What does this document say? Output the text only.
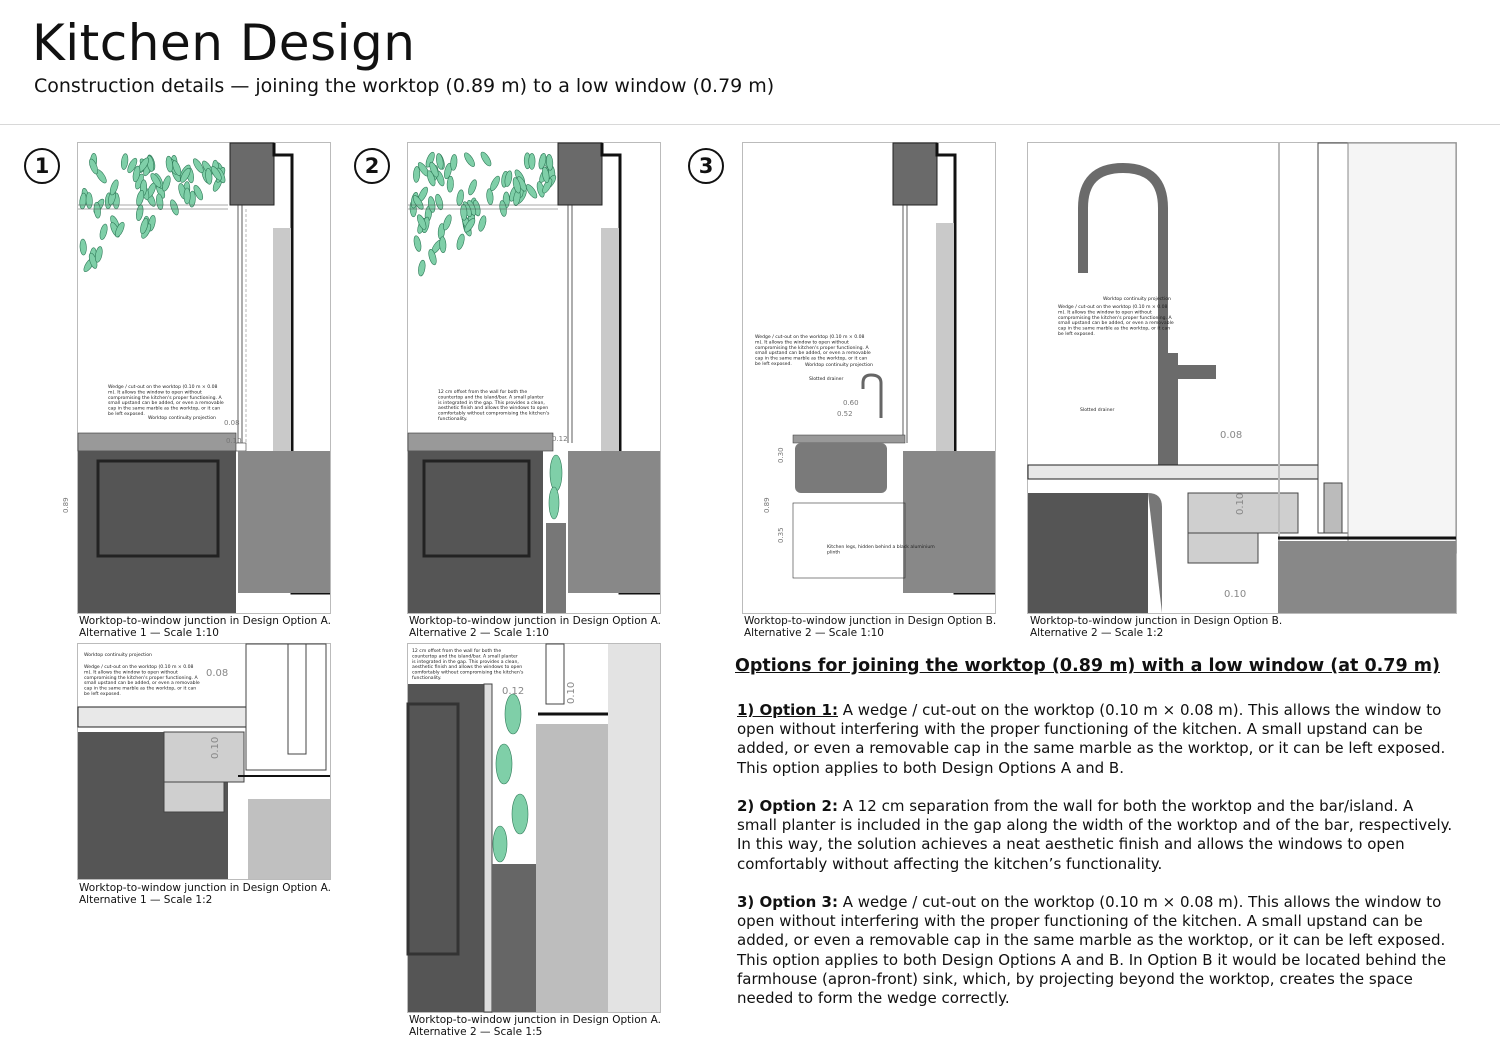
Kitchen Design
Construction details — joining the worktop (0.89 m) to a low window (0.79 m)
1	2	3
Wedge / cut-out on the worktop (0.10 m × 0.08 m). It allows the window to open without compromising the kitchen's proper functioning. A small upstand can be added, or even a removable cap in the same marble as the worktop, or it can be left exposed.
Worktop continuity projection
0.08
0.10
0.89
Worktop-to-window junction in Design Option A.
Alternative 1 — Scale 1:10
12 cm offset from the wall for both the countertop and the island/bar. A small planter is integrated in the gap. This provides a clean, aesthetic finish and allows the windows to open comfortably without compromising the kitchen's functionality.
0.12
Worktop-to-window junction in Design Option A.
Alternative 2 — Scale 1:10
Wedge / cut-out on the worktop (0.10 m × 0.08 m). It allows the window to open without compromising the kitchen's proper functioning. A small upstand can be added, or even a removable cap in the same marble as the worktop, or it can be left exposed.	Worktop continuity projection
Slotted drainer
Kitchen legs, hidden behind a black aluminium plinth
0.60
0.52
0.30
0.89
0.35
Worktop-to-window junction in Design Option B.
Alternative 2 — Scale 1:10
Wedge / cut-out on the worktop (0.10 m × 0.08 m). It allows the window to open without compromising the kitchen's proper functioning. A small upstand can be added, or even a removable cap in the same marble as the worktop, or it can be left exposed.
Worktop continuity projection
Slotted drainer
0.08
0.10
0.10
Worktop-to-window junction in Design Option B.
Alternative 2 — Scale 1:2
Worktop continuity projection
Wedge / cut-out on the worktop (0.10 m × 0.08 m). It allows the window to open without compromising the kitchen's proper functioning. A small upstand can be added, or even a removable cap in the same marble as the worktop, or it can be left exposed.
0.08
0.10
Worktop-to-window junction in Design Option A.
Alternative 1 — Scale 1:2
12 cm offset from the wall for both the countertop and the island/bar. A small planter is integrated in the gap. This provides a clean, aesthetic finish and allows the windows to open comfortably without compromising the kitchen's functionality.
0.12	0.10
Worktop-to-window junction in Design Option A.
Alternative 2 — Scale 1:5
Options for joining the worktop (0.89 m) with a low window (at 0.79 m)
1) Option 1: A wedge / cut-out on the worktop (0.10 m × 0.08 m). This allows the window to open without interfering with the proper functioning of the kitchen. A small upstand can be added, or even a removable cap in the same marble as the worktop, or it can be left exposed. This option applies to both Design Options A and B.
2) Option 2: A 12 cm separation from the wall for both the worktop and the bar/island. A small planter is included in the gap along the width of the worktop and of the bar, respectively. In this way, the solution achieves a neat aesthetic finish and allows the windows to open comfortably without affecting the kitchen’s functionality.
3) Option 3: A wedge / cut-out on the worktop (0.10 m × 0.08 m). This allows the window to open without interfering with the proper functioning of the kitchen. A small upstand can be added, or even a removable cap in the same marble as the worktop, or it can be left exposed. This option applies to both Design Options A and B. In Option B it would be located behind the farmhouse (apron-front) sink, which, by projecting beyond the worktop, creates the space needed to form the wedge correctly.
